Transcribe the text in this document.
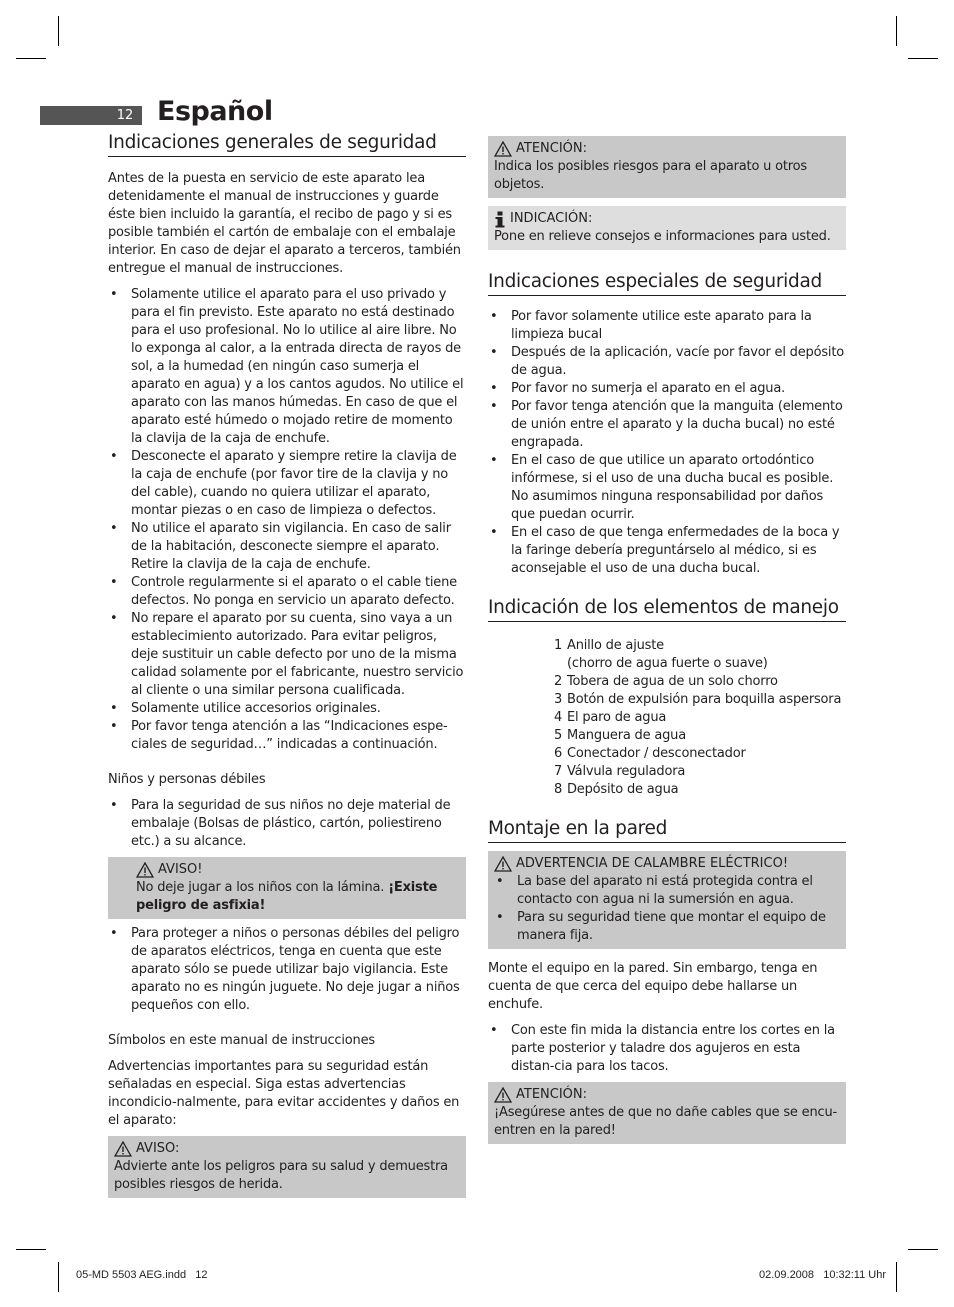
12 Español
Indicaciones generales de seguridad

Antes de la puesta en servicio de este aparato lea detenidamente el manual de instrucciones y guarde éste bien incluido la garantía, el recibo de pago y si es posible también el cartón de embalaje con el embalaje interior. En caso de dejar el aparato a terceros, también entregue el manual de instrucciones.

• Solamente utilice el aparato para el uso privado y para el fin previsto. Este aparato no está destinado para el uso profesional. No lo utilice al aire libre. No lo exponga al calor, a la entrada directa de rayos de sol, a la humedad (en ningún caso sumerja el aparato en agua) y a los cantos agudos. No utilice el aparato con las manos húmedas. En caso de que el aparato esté húmedo o mojado retire de momento la clavija de la caja de enchufe.
• Desconecte el aparato y siempre retire la clavija de la caja de enchufe (por favor tire de la clavija y no del cable), cuando no quiera utilizar el aparato, montar piezas o en caso de limpieza o defectos.
• No utilice el aparato sin vigilancia. En caso de salir de la habitación, desconecte siempre el aparato. Retire la clavija de la caja de enchufe.
• Controle regularmente si el aparato o el cable tiene defectos. No ponga en servicio un aparato defecto.
• No repare el aparato por su cuenta, sino vaya a un establecimiento autorizado. Para evitar peligros, deje sustituir un cable defecto por uno de la misma calidad solamente por el fabricante, nuestro servicio al cliente o una similar persona cualificada.
• Solamente utilice accesorios originales.
• Por favor tenga atención a las “Indicaciones espe-ciales de seguridad…” indicadas a continuación.

Niños y personas débiles

• Para la seguridad de sus niños no deje material de embalaje (Bolsas de plástico, cartón, poliestireno etc.) a su alcance.
AVISO!

No deje jugar a los niños con la lámina. ¡Existe peligro de asfixia!

• Para proteger a niños o personas débiles del peligro de aparatos eléctricos, tenga en cuenta que este aparato sólo se puede utilizar bajo vigilancia. Este aparato no es ningún juguete. No deje jugar a niños pequeños con ello.

Símbolos en este manual de instrucciones

Advertencias importantes para su seguridad están señaladas en especial. Siga estas advertencias incondicio-nalmente, para evitar accidentes y daños en el aparato:

AVISO:

Advierte ante los peligros para su salud y demuestra posibles riesgos de herida.

ATENCIÓN:

Indica los posibles riesgos para el aparato u otros objetos.

INDICACIÓN:

Pone en relieve consejos e informaciones para usted.

Indicaciones especiales de seguridad
• Por favor solamente utilice este aparato para la limpieza bucal
• Después de la aplicación, vacíe por favor el depósito de agua.
• Por favor no sumerja el aparato en el agua.
• Por favor tenga atención que la manguita (elemento de unión entre el aparato y la ducha bucal) no esté engrapada.
• En el caso de que utilice un aparato ortodóntico infórmese, si el uso de una ducha bucal es posible. No asumimos ninguna responsabilidad por daños que puedan ocurrir.
• En el caso de que tenga enfermedades de la boca y la faringe debería preguntárselo al médico, si es aconsejable el uso de una ducha bucal.
Indicación de los elementos de manejo
1 Anillo de ajuste
(chorro de agua fuerte o suave)
2 Tobera de agua de un solo chorro
3 Botón de expulsión para boquilla aspersora
4 El paro de agua
5 Manguera de agua
6 Conectador / desconectador
7 Válvula reguladora
8 Depósito de agua
Montaje en la pared
ADVERTENCIA DE CALAMBRE ELÉCTRICO!
• La base del aparato ni está protegida contra el contacto con agua ni la sumersión en agua.
• Para su seguridad tiene que montar el equipo de manera fija.

Monte el equipo en la pared. Sin embargo, tenga en cuenta de que cerca del equipo debe hallarse un enchufe.

• Con este fin mida la distancia entre los cortes en la parte posterior y taladre dos agujeros en esta distan-cia para los tacos.
ATENCIÓN:

¡Asegúrese antes de que no dañe cables que se encu-entren en la pared!

05-MD 5503 AEG.indd   12	02.09.2008   10:32:11 Uhr
